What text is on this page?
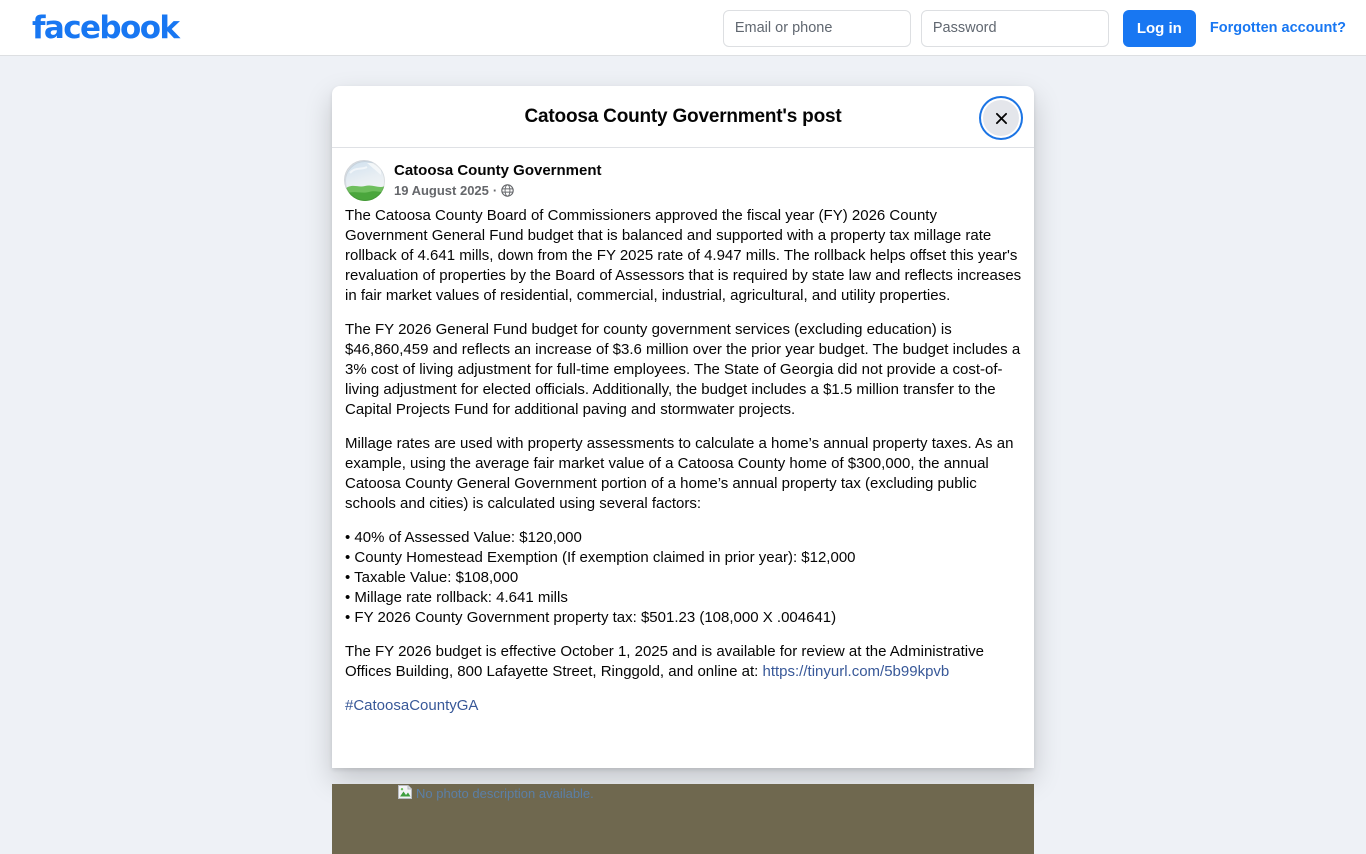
facebook
Email or phone	Log in	Forgotten account?
Catoosa County Government's post
Catoosa County Government
19 August 2025 ·

The Catoosa County Board of Commissioners approved the fiscal year (FY) 2026 County Government General Fund budget that is balanced and supported with a property tax millage rate rollback of 4.641 mills, down from the FY 2025 rate of 4.947 mills. The rollback helps offset this year's revaluation of properties by the Board of Assessors that is required by state law and reflects increases in fair market values of residential, commercial, industrial, agricultural, and utility properties.

The FY 2026 General Fund budget for county government services (excluding education) is $46,860,459 and reflects an increase of $3.6 million over the prior year budget. The budget includes a 3% cost of living adjustment for full-time employees. The State of Georgia did not provide a cost-of-living adjustment for elected officials. Additionally, the budget includes a $1.5 million transfer to the Capital Projects Fund for additional paving and stormwater projects.

Millage rates are used with property assessments to calculate a home’s annual property taxes. As an example, using the average fair market value of a Catoosa County home of $300,000, the annual Catoosa County General Government portion of a home’s annual property tax (excluding public schools and cities) is calculated using several factors:

• 40% of Assessed Value: $120,000
• County Homestead Exemption (If exemption claimed in prior year): $12,000
• Taxable Value: $108,000
• Millage rate rollback: 4.641 mills
• FY 2026 County Government property tax: $501.23 (108,000 X .004641)

The FY 2026 budget is effective October 1, 2025 and is available for review at the Administrative Offices Building, 800 Lafayette Street, Ringgold, and online at: https://tinyurl.com/5b99kpvb

#CatoosaCountyGA
No photo description available.
